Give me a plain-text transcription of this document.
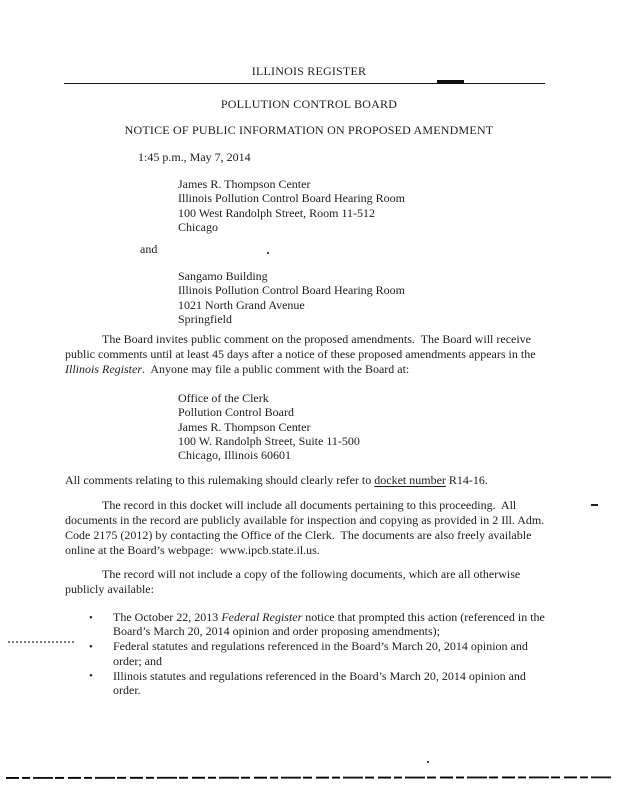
ILLINOIS REGISTER
POLLUTION CONTROL BOARD
NOTICE OF PUBLIC INFORMATION ON PROPOSED AMENDMENT
1:45 p.m., May 7, 2014
James R. Thompson Center
Illinois Pollution Control Board Hearing Room
100 West Randolph Street, Room 11-512
Chicago
and
Sangamo Building
Illinois Pollution Control Board Hearing Room
1021 North Grand Avenue
Springfield
The Board invites public comment on the proposed amendments.  The Board will receive public comments until at least 45 days after a notice of these proposed amendments appears in the Illinois Register.  Anyone may file a public comment with the Board at:
Office of the Clerk
Pollution Control Board
James R. Thompson Center
100 W. Randolph Street, Suite 11-500
Chicago, Illinois 60601
All comments relating to this rulemaking should clearly refer to docket number R14-16.
The record in this docket will include all documents pertaining to this proceeding.  All documents in the record are publicly available for inspection and copying as provided in 2 Ill. Adm. Code 2175 (2012) by contacting the Office of the Clerk.  The documents are also freely available online at the Board’s webpage:  www.ipcb.state.il.us.
The record will not include a copy of the following documents, which are all otherwise publicly available:
• The October 22, 2013 Federal Register notice that prompted this action (referenced in the Board’s March 20, 2014 opinion and order proposing amendments);
• Federal statutes and regulations referenced in the Board’s March 20, 2014 opinion and order; and
• Illinois statutes and regulations referenced in the Board’s March 20, 2014 opinion and order.
